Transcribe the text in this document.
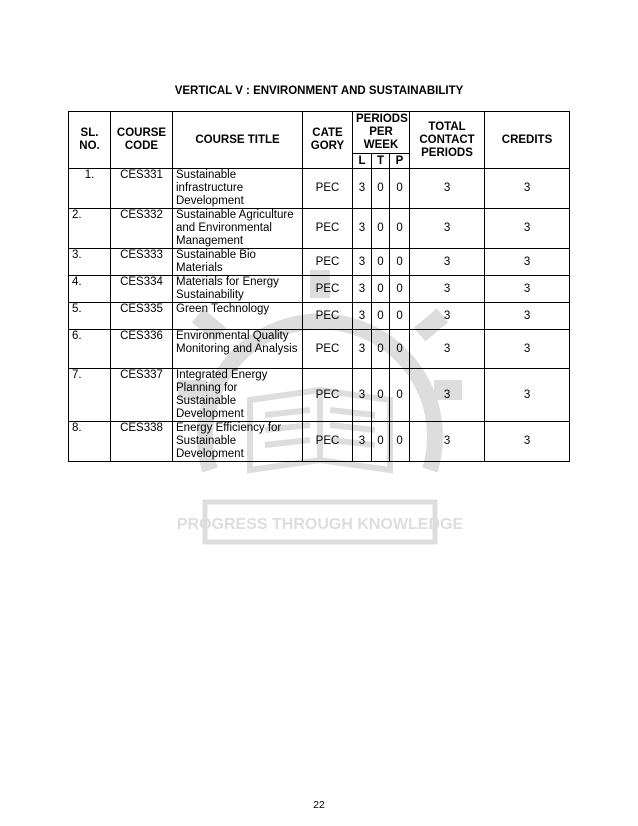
PROGRESS THROUGH KNOWLEDGE
VERTICAL V : ENVIRONMENT AND SUSTAINABILITY
SL. NO.	COURSE CODE	COURSE TITLE	CATE GORY	PERIODS PER WEEK			TOTAL CONTACT PERIODS	CREDITS
				L	T	P		
1.	CES331	Sustainable infrastructure Development	PEC	3	0	0	3	3
2.	CES332	Sustainable Agriculture and Environmental Management	PEC	3	0	0	3	3
3.	CES333	Sustainable Bio Materials	PEC	3	0	0	3	3
4.	CES334	Materials for Energy Sustainability	PEC	3	0	0	3	3
5.	CES335	Green Technology	PEC	3	0	0	3	3
6.	CES336	Environmental Quality Monitoring and Analysis	PEC	3	0	0	3	3
7.	CES337	Integrated Energy Planning for Sustainable Development	PEC	3	0	0	3	3
8.	CES338	Energy Efficiency for Sustainable Development	PEC	3	0	0	3	3
22
